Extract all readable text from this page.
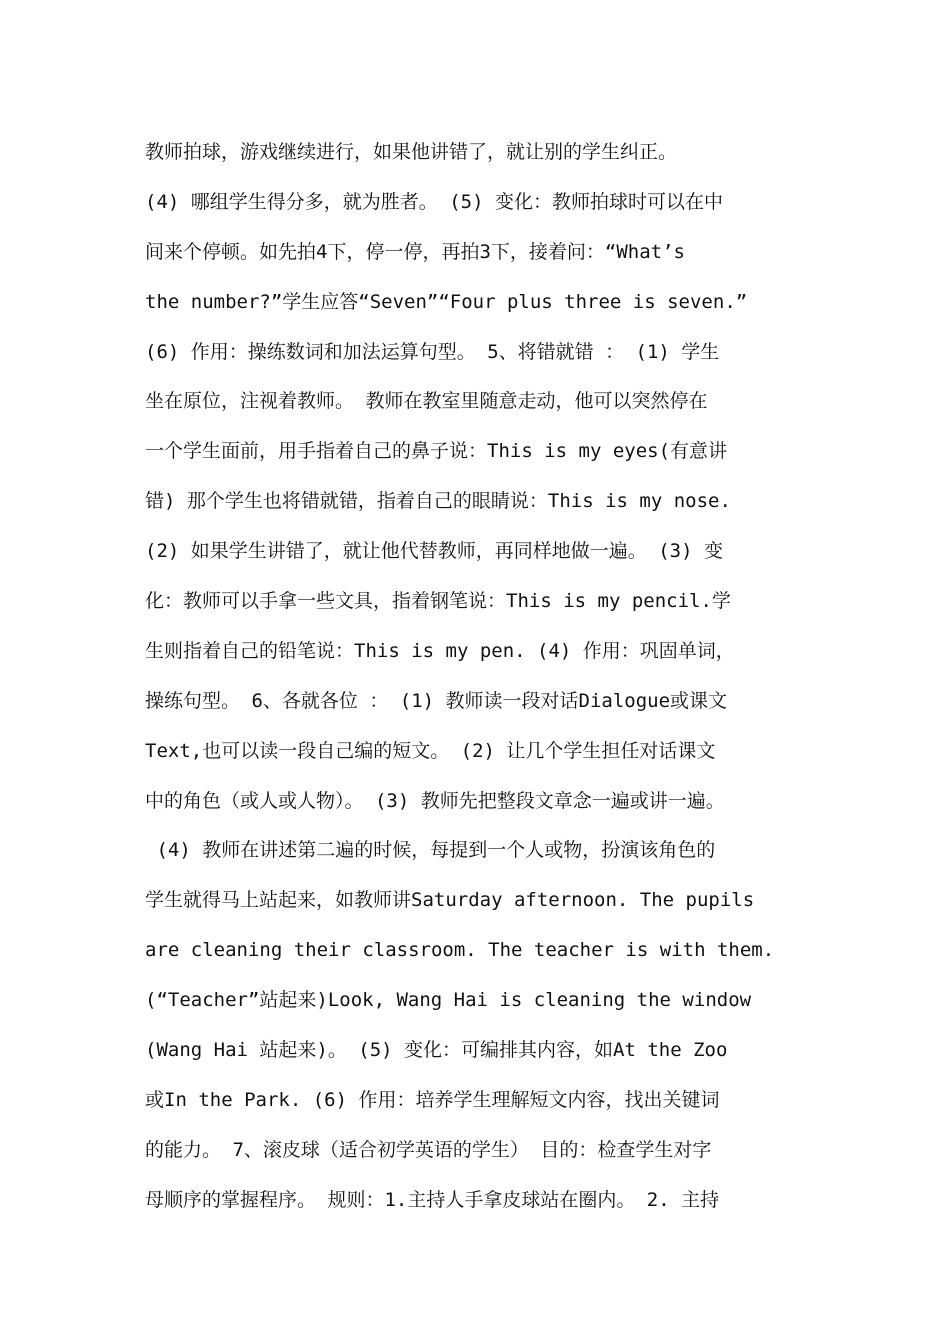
教师拍球，游戏继续进行，如果他讲错了，就让别的学生纠正。
(4) 哪组学生得分多，就为胜者。 (5) 变化：教师拍球时可以在中
间来个停顿。如先拍4下，停一停，再拍3下，接着问：“What’s
the number?”学生应答“Seven”“Four plus three is seven.”
(6) 作用：操练数词和加法运算句型。 5、将错就错 ： (1) 学生
坐在原位，注视着教师。 教师在教室里随意走动，他可以突然停在
一个学生面前，用手指着自己的鼻子说：This is my eyes(有意讲
错) 那个学生也将错就错，指着自己的眼睛说：This is my nose.
(2) 如果学生讲错了，就让他代替教师，再同样地做一遍。 (3) 变
化：教师可以手拿一些文具，指着钢笔说：This is my pencil.学
生则指着自己的铅笔说：This is my pen. (4) 作用：巩固单词，
操练句型。 6、各就各位 ： (1) 教师读一段对话Dialogue或课文
Text,也可以读一段自己编的短文。 (2) 让几个学生担任对话课文
中的角色（或人或人物）。 (3) 教师先把整段文章念一遍或讲一遍。
(4) 教师在讲述第二遍的时候，每提到一个人或物，扮演该角色的
学生就得马上站起来，如教师讲Saturday afternoon. The pupils
are cleaning their classroom. The teacher is with them.
(“Teacher”站起来)Look, Wang Hai is cleaning the window
(Wang Hai 站起来)。 (5) 变化：可编排其内容，如At the Zoo
或In the Park. (6) 作用：培养学生理解短文内容，找出关键词
的能力。 7、滚皮球（适合初学英语的学生） 目的：检查学生对字
母顺序的掌握程序。 规则：1.主持人手拿皮球站在圈内。 2. 主持
